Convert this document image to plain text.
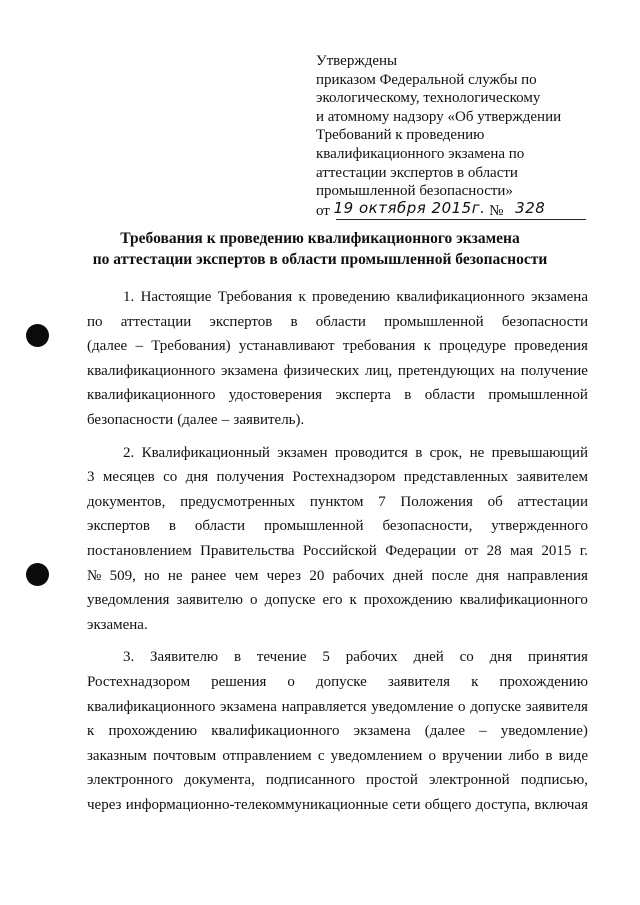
Утверждены
приказом Федеральной службы по
экологическому, технологическому
и атомному надзору «Об утверждении
Требований к проведению
квалификационного экзамена по
аттестации экспертов в области
промышленной безопасности»
от 19 октября 2015г. № 328
Требования к проведению квалификационного экзамена
по аттестации экспертов в области промышленной безопасности
1. Настоящие Требования к проведению квалификационного экзамена
по аттестации экспертов в области промышленной безопасности
(далее – Требования) устанавливают требования к процедуре проведения
квалификационного экзамена физических лиц, претендующих на получение
квалификационного удостоверения эксперта в области промышленной
безопасности (далее – заявитель).
2. Квалификационный экзамен проводится в срок, не превышающий
3 месяцев со дня получения Ростехнадзором представленных заявителем
документов, предусмотренных пунктом 7 Положения об аттестации
экспертов в области промышленной безопасности, утвержденного
постановлением Правительства Российской Федерации от 28 мая 2015 г.
№ 509, но не ранее чем через 20 рабочих дней после дня направления
уведомления заявителю о допуске его к прохождению квалификационного
экзамена.
3. Заявителю в течение 5 рабочих дней со дня принятия
Ростехнадзором решения о допуске заявителя к прохождению
квалификационного экзамена направляется уведомление о допуске заявителя
к прохождению квалификационного экзамена (далее – уведомление)
заказным почтовым отправлением с уведомлением о вручении либо в виде
электронного документа, подписанного простой электронной подписью,
через информационно-телекоммуникационные сети общего доступа, включая
